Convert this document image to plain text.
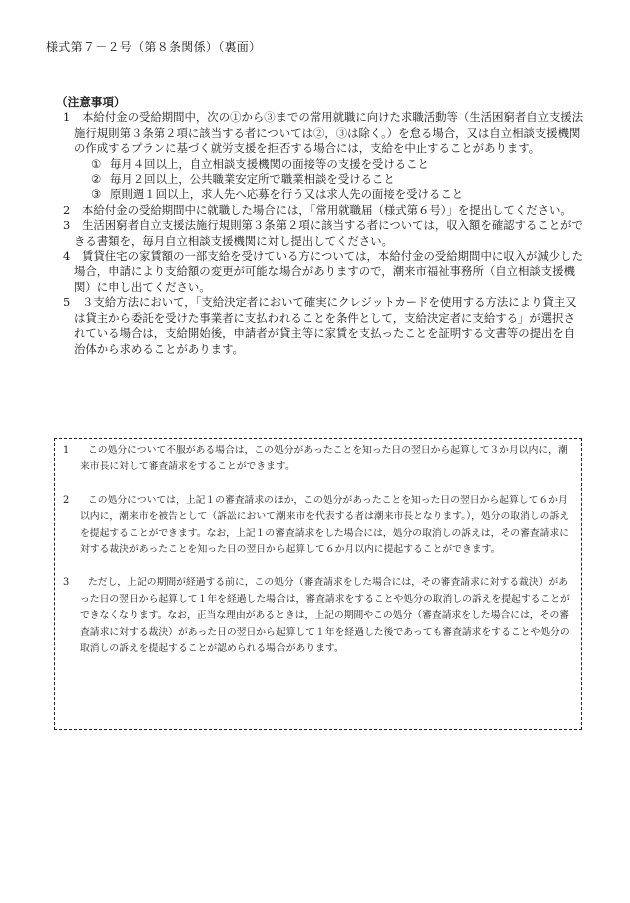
様式第７－２号（第８条関係）（裏面）
（注意事項）
1	本給付金の受給期間中，次の①から③までの常用就職に向けた求職活動等（生活困窮者自立支援法施行規則第３条第２項に該当する者については②，③は除く。）を怠る場合，又は自立相談支援機関の作成するプランに基づく就労支援を拒否する場合には，支給を中止することがあります。
① 毎月４回以上，自立相談支援機関の面接等の支援を受けること
② 毎月２回以上，公共職業安定所で職業相談を受けること
③ 原則週１回以上，求人先へ応募を行う又は求人先の面接を受けること
2	本給付金の受給期間中に就職した場合には，「常用就職届（様式第６号）」を提出してください。
3	生活困窮者自立支援法施行規則第３条第２項に該当する者については，収入額を確認することができる書類を，毎月自立相談支援機関に対し提出してください。
4	賃貸住宅の家賃額の一部支給を受けている方については，本給付金の受給期間中に収入が減少した場合，申請により支給額の変更が可能な場合がありますので，潮来市福祉事務所（自立相談支援機関）に申し出てください。
5	３支給方法において，「支給決定者において確実にクレジットカードを使用する方法により貸主又は貸主から委託を受けた事業者に支払われることを条件として，支給決定者に支給する」が選択されている場合は，支給開始後，申請者が貸主等に家賃を支払ったことを証明する文書等の提出を自治体から求めることがあります。
1	この処分について不服がある場合は，この処分があったことを知った日の翌日から起算して３か月以内に，潮来市長に対して審査請求をすることができます。
2	この処分については，上記１の審査請求のほか，この処分があったことを知った日の翌日から起算して６か月以内に，潮来市を被告として（訴訟において潮来市を代表する者は潮来市長となります。），処分の取消しの訴えを提起することができます。なお，上記１の審査請求をした場合には，処分の取消しの訴えは，その審査請求に対する裁決があったことを知った日の翌日から起算して６か月以内に提起することができます。
3	ただし，上記の期間が経過する前に，この処分（審査請求をした場合には，その審査請求に対する裁決）があった日の翌日から起算して１年を経過した場合は，審査請求をすることや処分の取消しの訴えを提起することができなくなります。なお，正当な理由があるときは，上記の期間やこの処分（審査請求をした場合には，その審査請求に対する裁決）があった日の翌日から起算して１年を経過した後であっても審査請求をすることや処分の取消しの訴えを提起することが認められる場合があります。
